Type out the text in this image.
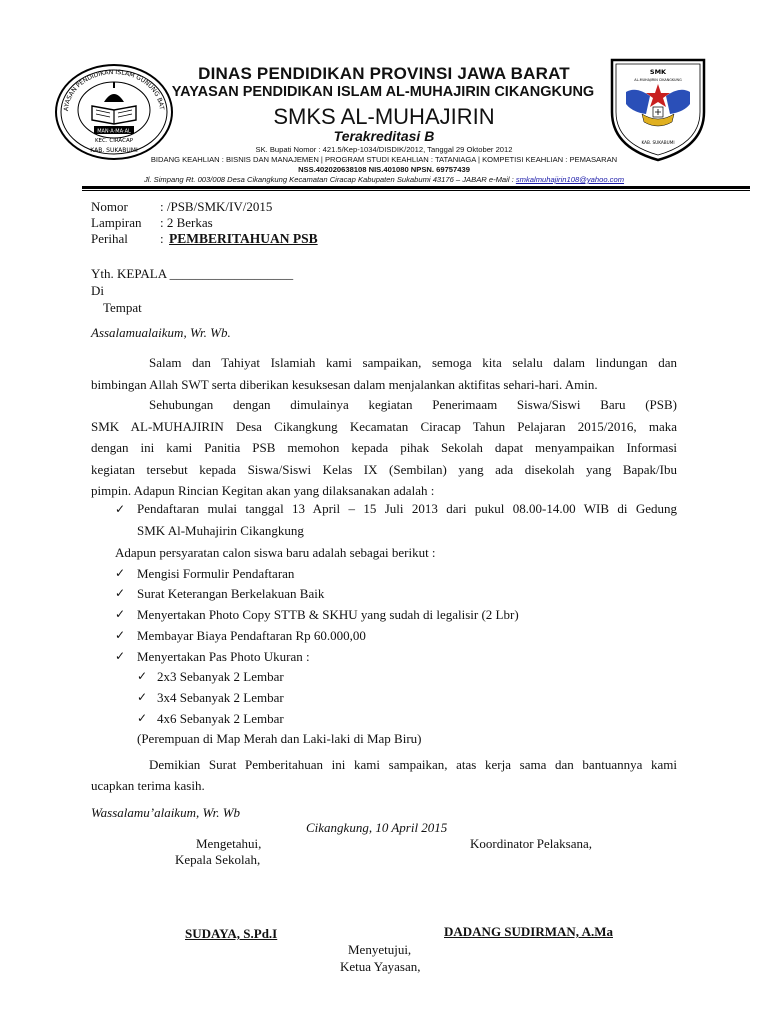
AYASAN PENDIDIKAN ISLAM GUNUNG BAT
MAN·A·MA·AL
KEC. CIRACAP
KAB. SUKABUMI
SMK
AL-MUHAJIRIN CIKANGKUNG
KAB. SUKABUMI
DINAS PENDIDIKAN PROVINSI JAWA BARAT
YAYASAN PENDIDIKAN ISLAM AL-MUHAJIRIN CIKANGKUNG
SMKS AL-MUHAJIRIN
Terakreditasi B
SK. Bupati Nomor : 421.5/Kep-1034/DISDIK/2012, Tanggal 29 Oktober 2012
BIDANG KEAHLIAN : BISNIS DAN MANAJEMEN | PROGRAM STUDI KEAHLIAN : TATANIAGA | KOMPETISI KEAHLIAN : PEMASARAN
NSS.402020638108 NIS.401080 NPSN. 69757439
Jl. Simpang Rt. 003/008 Desa Cikangkung Kecamatan Ciracap Kabupaten Sukabumi 43176 – JABAR e-Mail : smkalmuhajirin108@yahoo.com
Nomor : /PSB/SMK/IV/2015
Lampiran : 2 Berkas
Perihal : PEMBERITAHUAN PSB
Yth. KEPALA ___________________
Di
Tempat
Assalamualaikum, Wr. Wb.
Salam dan Tahiyat Islamiah kami sampaikan, semoga kita selalu dalam lindungan dan
bimbingan Allah SWT serta diberikan kesuksesan dalam menjalankan aktifitas sehari-hari. Amin.
Sehubungan dengan dimulainya kegiatan Penerimaam Siswa/Siswi Baru (PSB)
SMK AL-MUHAJIRIN Desa Cikangkung Kecamatan Ciracap Tahun Pelajaran 2015/2016, maka
dengan ini kami Panitia PSB memohon kepada pihak Sekolah dapat menyampaikan Informasi
kegiatan tersebut kepada Siswa/Siswi Kelas IX (Sembilan) yang ada disekolah yang Bapak/Ibu
pimpin. Adapun Rincian Kegitan akan yang dilaksanakan adalah :
✓ Pendaftaran mulai tanggal 13 April – 15 Juli 2013 dari pukul 08.00-14.00 WIB di Gedung
SMK Al-Muhajirin Cikangkung
Adapun persyaratan calon siswa baru adalah sebagai berikut :
✓ Mengisi Formulir Pendaftaran
✓ Surat Keterangan Berkelakuan Baik
✓ Menyertakan Photo Copy STTB & SKHU yang sudah di legalisir (2 Lbr)
✓ Membayar Biaya Pendaftaran Rp 60.000,00
✓ Menyertakan Pas Photo Ukuran :
✓ 2x3 Sebanyak 2 Lembar
✓ 3x4 Sebanyak 2 Lembar
✓ 4x6 Sebanyak 2 Lembar
(Perempuan di Map Merah dan Laki-laki di Map Biru)
Demikian Surat Pemberitahuan ini kami sampaikan, atas kerja sama dan bantuannya kami
ucapkan terima kasih.
Wassalamu’alaikum, Wr. Wb
Cikangkung, 10 April 2015
Mengetahui,
Kepala Sekolah,
Koordinator Pelaksana,
SUDAYA, S.Pd.I	DADANG SUDIRMAN, A.Ma
Menyetujui,
Ketua Yayasan,
